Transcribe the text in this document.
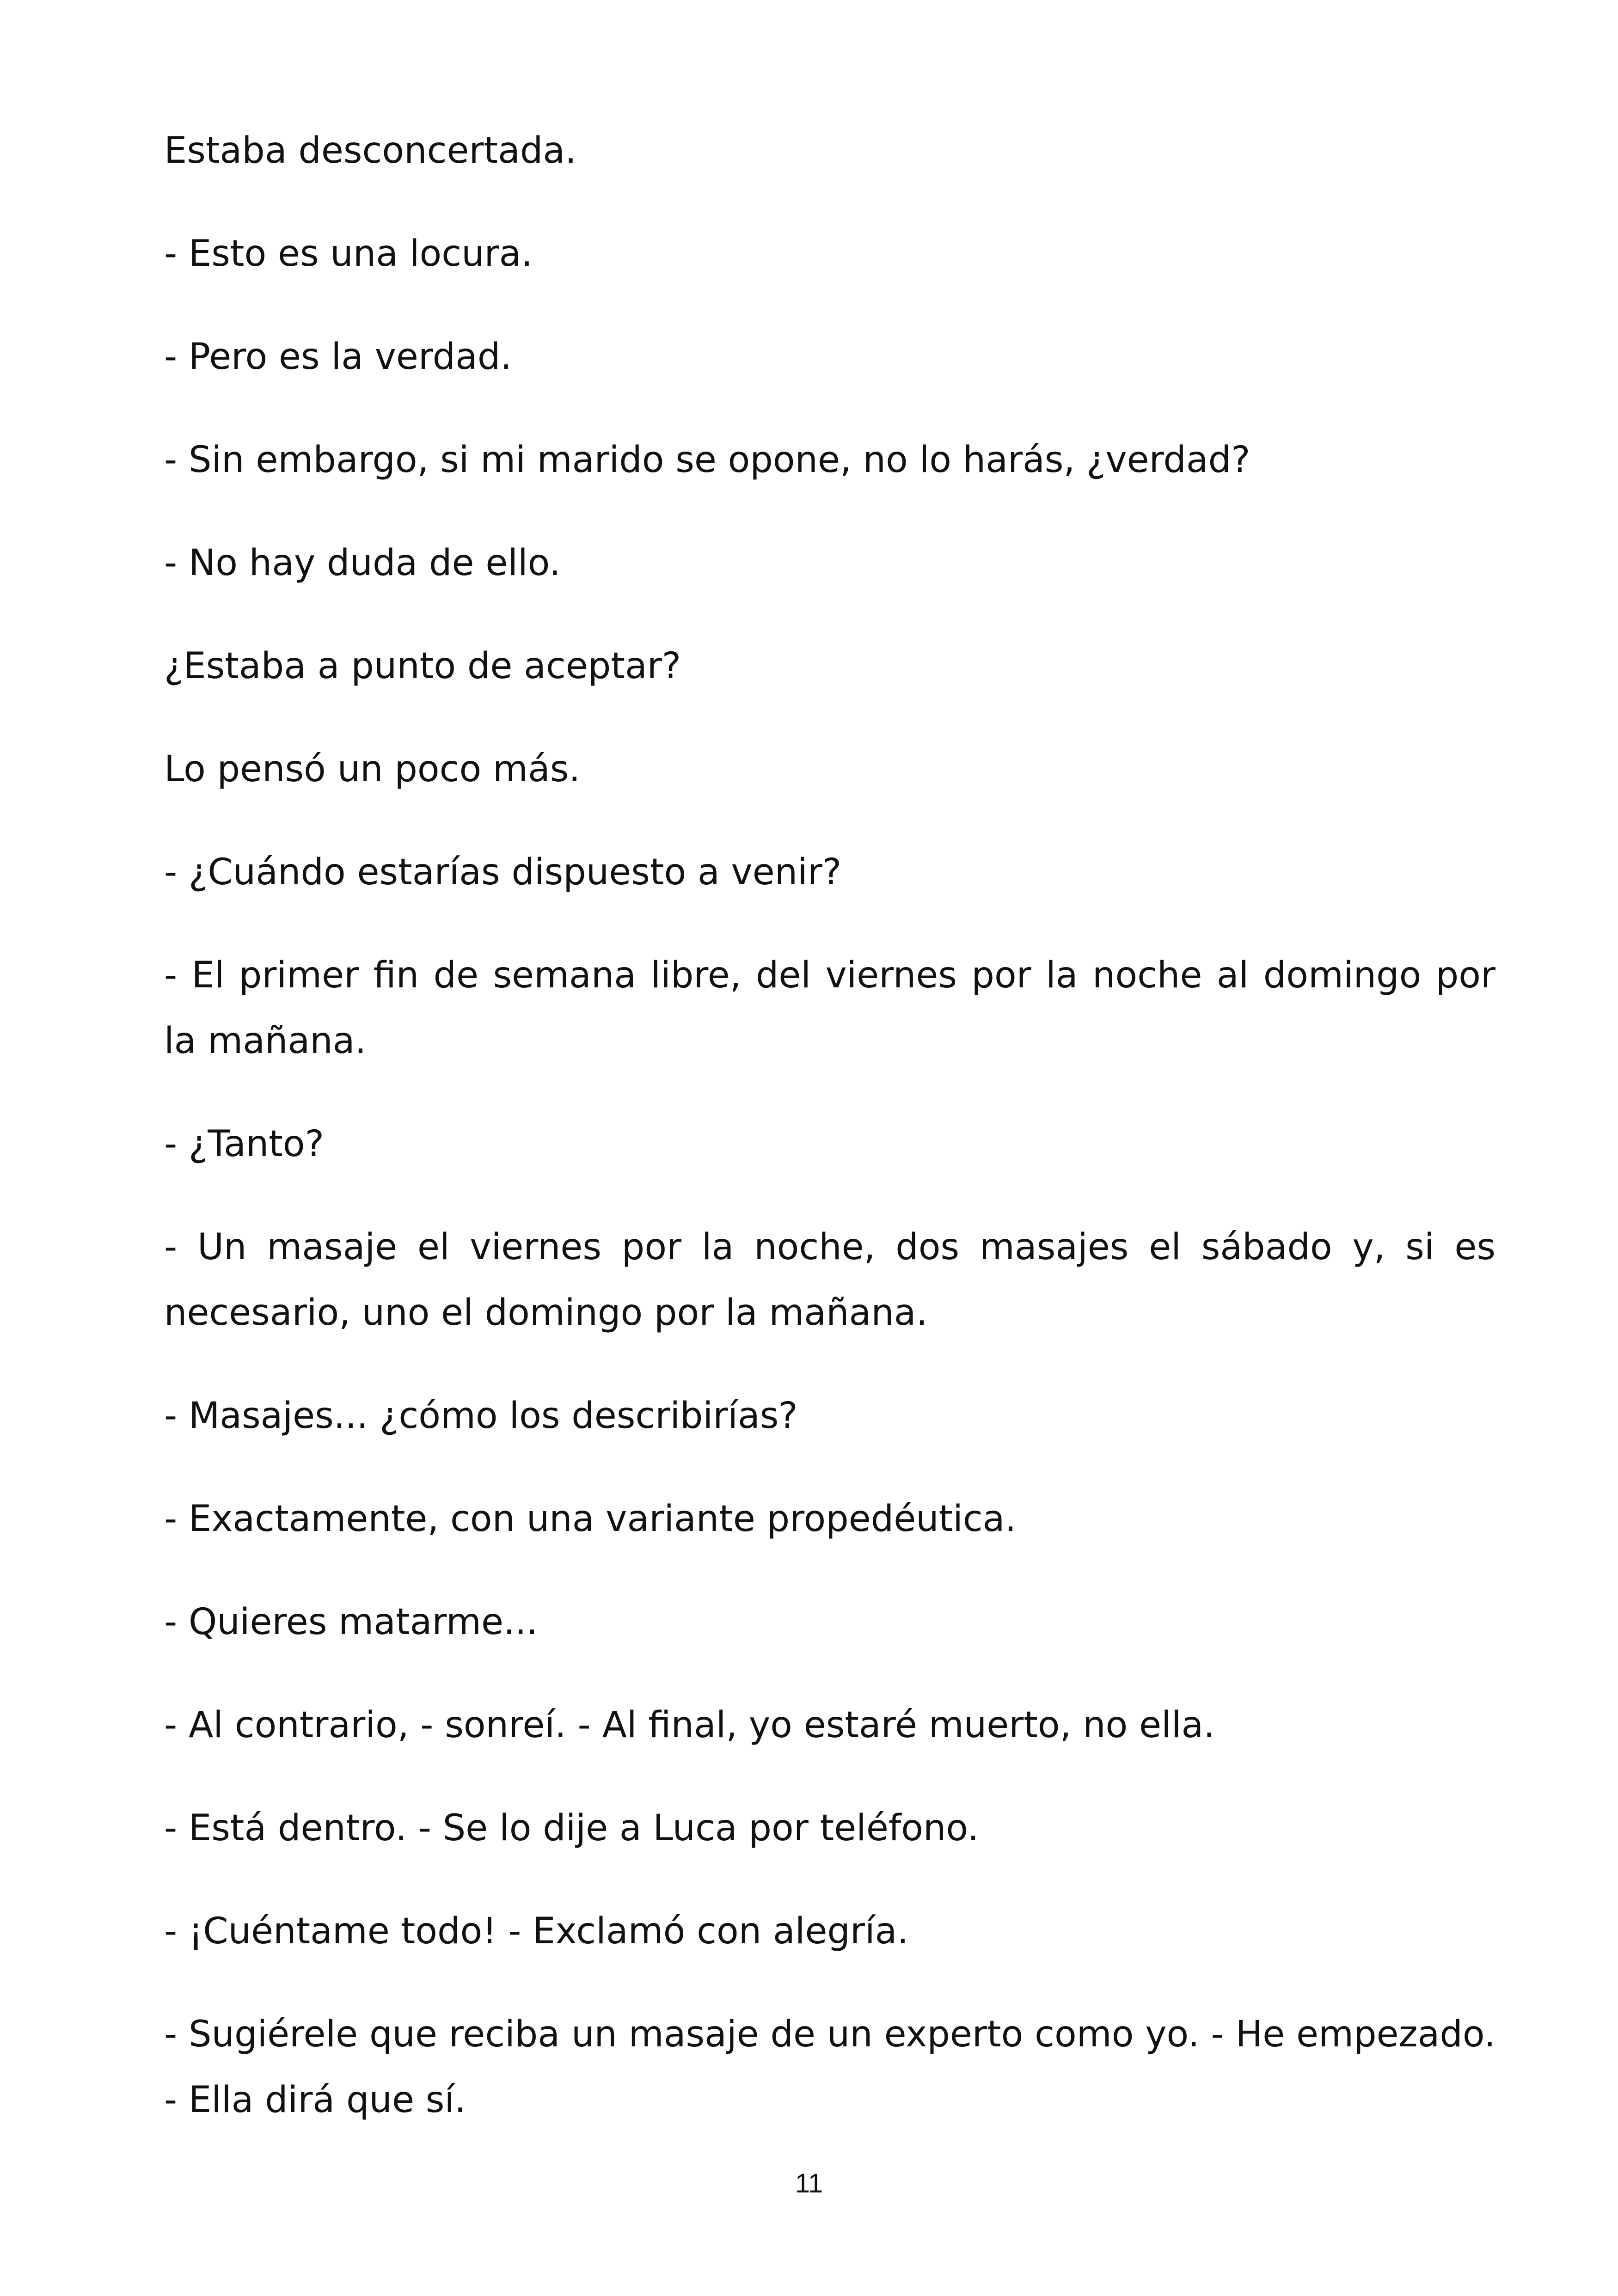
Estaba desconcertada.

- Esto es una locura.

- Pero es la verdad.

- Sin embargo, si mi marido se opone, no lo harás, ¿verdad?

- No hay duda de ello.

¿Estaba a punto de aceptar?

Lo pensó un poco más.

- ¿Cuándo estarías dispuesto a venir?

- El primer fin de semana libre, del viernes por la noche al domingo por la mañana.

- ¿Tanto?

- Un masaje el viernes por la noche, dos masajes el sábado y, si es necesario, uno el domingo por la mañana.

- Masajes... ¿cómo los describirías?

- Exactamente, con una variante propedéutica.

- Quieres matarme...

- Al contrario, - sonreí. - Al final, yo estaré muerto, no ella.

- Está dentro. - Se lo dije a Luca por teléfono.

- ¡Cuéntame todo! - Exclamó con alegría.

- Sugiérele que reciba un masaje de un experto como yo. - He empezado. - Ella dirá que sí.

11
